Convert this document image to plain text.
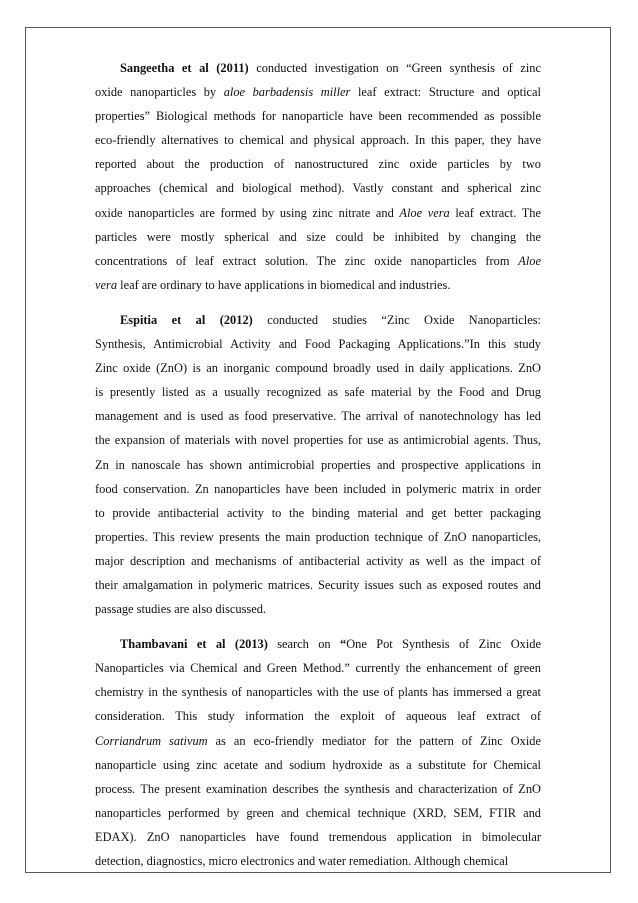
Sangeetha et al (2011) conducted investigation on “Green synthesis of zinc
oxide nanoparticles by aloe barbadensis miller leaf extract: Structure and optical
properties” Biological methods for nanoparticle have been recommended as possible
eco-friendly alternatives to chemical and physical approach. In this paper, they have
reported about the production of nanostructured zinc oxide particles by two
approaches (chemical and biological method). Vastly constant and spherical zinc
oxide nanoparticles are formed by using zinc nitrate and Aloe vera leaf extract. The
particles were mostly spherical and size could be inhibited by changing the
concentrations of leaf extract solution. The zinc oxide nanoparticles from Aloe
vera leaf are ordinary to have applications in biomedical and industries.
Espitia et al (2012) conducted studies “Zinc Oxide Nanoparticles:
Synthesis, Antimicrobial Activity and Food Packaging Applications.”In this study
Zinc oxide (ZnO) is an inorganic compound broadly used in daily applications. ZnO
is presently listed as a usually recognized as safe material by the Food and Drug
management and is used as food preservative. The arrival of nanotechnology has led
the expansion of materials with novel properties for use as antimicrobial agents. Thus,
Zn in nanoscale has shown antimicrobial properties and prospective applications in
food conservation. Zn nanoparticles have been included in polymeric matrix in order
to provide antibacterial activity to the binding material and get better packaging
properties. This review presents the main production technique of ZnO nanoparticles,
major description and mechanisms of antibacterial activity as well as the impact of
their amalgamation in polymeric matrices. Security issues such as exposed routes and
passage studies are also discussed.
Thambavani et al (2013) search on “One Pot Synthesis of Zinc Oxide
Nanoparticles via Chemical and Green Method.” currently the enhancement of green
chemistry in the synthesis of nanoparticles with the use of plants has immersed a great
consideration. This study information the exploit of aqueous leaf extract of
Corriandrum sativum as an eco-friendly mediator for the pattern of Zinc Oxide
nanoparticle using zinc acetate and sodium hydroxide as a substitute for Chemical
process. The present examination describes the synthesis and characterization of ZnO
nanoparticles performed by green and chemical technique (XRD, SEM, FTIR and
EDAX). ZnO nanoparticles have found tremendous application in bimolecular
detection, diagnostics, micro electronics and water remediation. Although chemical
